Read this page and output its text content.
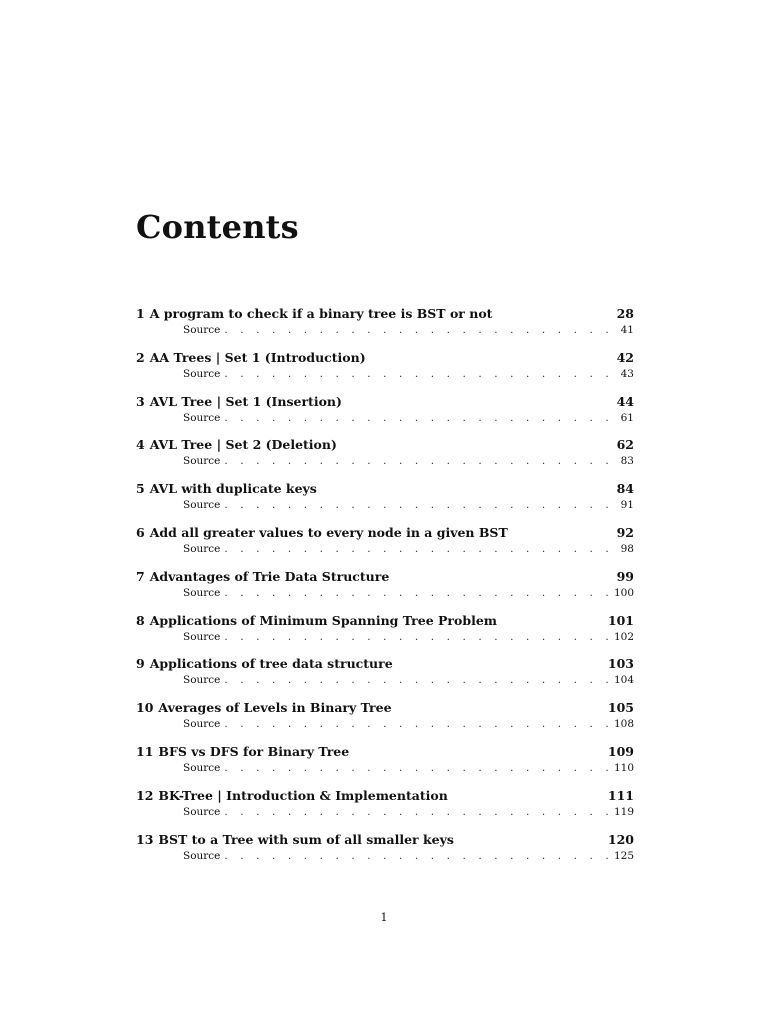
Contents
1 A program to check if a binary tree is BST or not	28
Source . . .	41
2 AA Trees | Set 1 (Introduction)	42
Source . . .	43
3 AVL Tree | Set 1 (Insertion)	44
Source . . .	61
4 AVL Tree | Set 2 (Deletion)	62
Source . . .	83
5 AVL with duplicate keys	84
Source . . .	91
6 Add all greater values to every node in a given BST	92
Source . . .	98
7 Advantages of Trie Data Structure	99
Source . . .	100
8 Applications of Minimum Spanning Tree Problem	101
Source . . .	102
9 Applications of tree data structure	103
Source . . .	104
10 Averages of Levels in Binary Tree	105
Source . . .	108
11 BFS vs DFS for Binary Tree	109
Source . . .	110
12 BK-Tree | Introduction & Implementation	111
Source . . .	119
13 BST to a Tree with sum of all smaller keys	120
Source . . .	125
1
